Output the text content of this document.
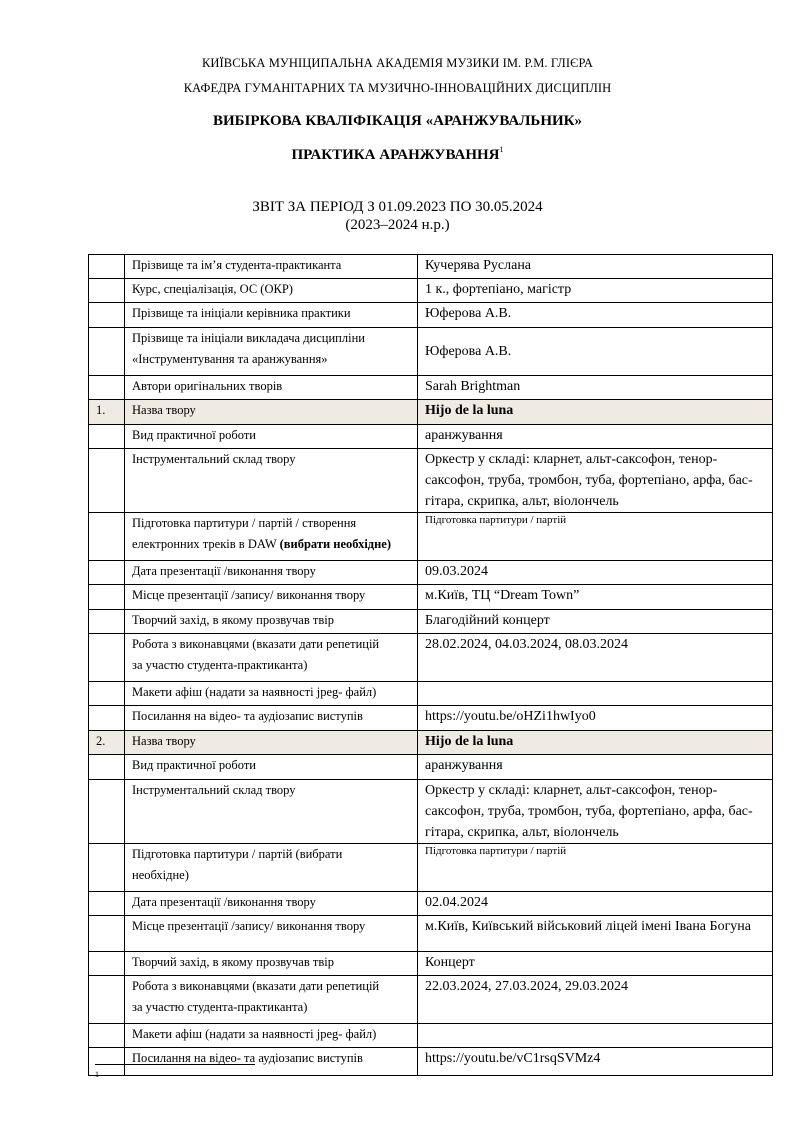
КИЇВСЬКА МУНІЦИПАЛЬНА АКАДЕМІЯ МУЗИКИ ІМ. Р.М. ГЛІЄРА
КАФЕДРА ГУМАНІТАРНИХ ТА МУЗИЧНО-ІННОВАЦІЙНИХ ДИСЦИПЛІН
ВИБІРКОВА КВАЛІФІКАЦІЯ «АРАНЖУВАЛЬНИК»
ПРАКТИКА АРАНЖУВАННЯ$^1$
ЗВІТ ЗА ПЕРІОД З 01.09.2023 ПО 30.05.2024
(2023–2024 н.р.)
	Прізвище та ім’я студента-практиканта	Кучерява Руслана
	Курс, спеціалізація, ОС (ОКР)	1 к., фортепіано, магістр
	Прізвище та ініціали керівника практики	Юферова А.В.

	Прізвище та ініціали викладача дисципліни
«Інструментування та аранжування»	Юферова А.В.
	Автори оригінальних творів	Sarah Brightman
1.	Назва твору	Hijo de la luna
	Вид практичної роботи	аранжування
	Інструментальний склад твору	Оркестр у складі: кларнет, альт-саксофон, тенор-саксофон, труба, тромбон, туба, фортепіано, арфа, бас-гітара, скрипка, альт, віолончель

	Підготовка партитури / партій / створення
електронних треків в DAW (вибрати необхідне)	Підготовка партитури / партій
	Дата презентації /виконання твору	09.03.2024
	Місце презентації /запису/ виконання твору	м.Київ, ТЦ “Dream Town”
	Творчий захід, в якому прозвучав твір	Благодійний концерт

	Робота з виконавцями (вказати дати репетицій
за участю студента-практиканта)	28.02.2024, 04.03.2024, 08.03.2024
	Макети афіш (надати за наявності jpeg- файл)	
	Посилання на відео- та аудіозапис виступів	https://youtu.be/oHZi1hwIyo0
2.	Назва твору	Hijo de la luna
	Вид практичної роботи	аранжування
	Інструментальний склад твору	Оркестр у складі: кларнет, альт-саксофон, тенор-саксофон, труба, тромбон, туба, фортепіано, арфа, бас-гітара, скрипка, альт, віолончель

	Підготовка партитури / партій (вибрати
необхідне)	Підготовка партитури / партій
	Дата презентації /виконання твору	02.04.2024
	Місце презентації /запису/ виконання твору	м.Київ, Київський військовий ліцей імені Івана Богуна
	Творчий захід, в якому прозвучав твір	Концерт

	Робота з виконавцями (вказати дати репетицій
за участю студента-практиканта)	22.03.2024, 27.03.2024, 29.03.2024
	Макети афіш (надати за наявності jpeg- файл)	
	Посилання на відео- та аудіозапис виступів	https://youtu.be/vC1rsqSVMz4
1
